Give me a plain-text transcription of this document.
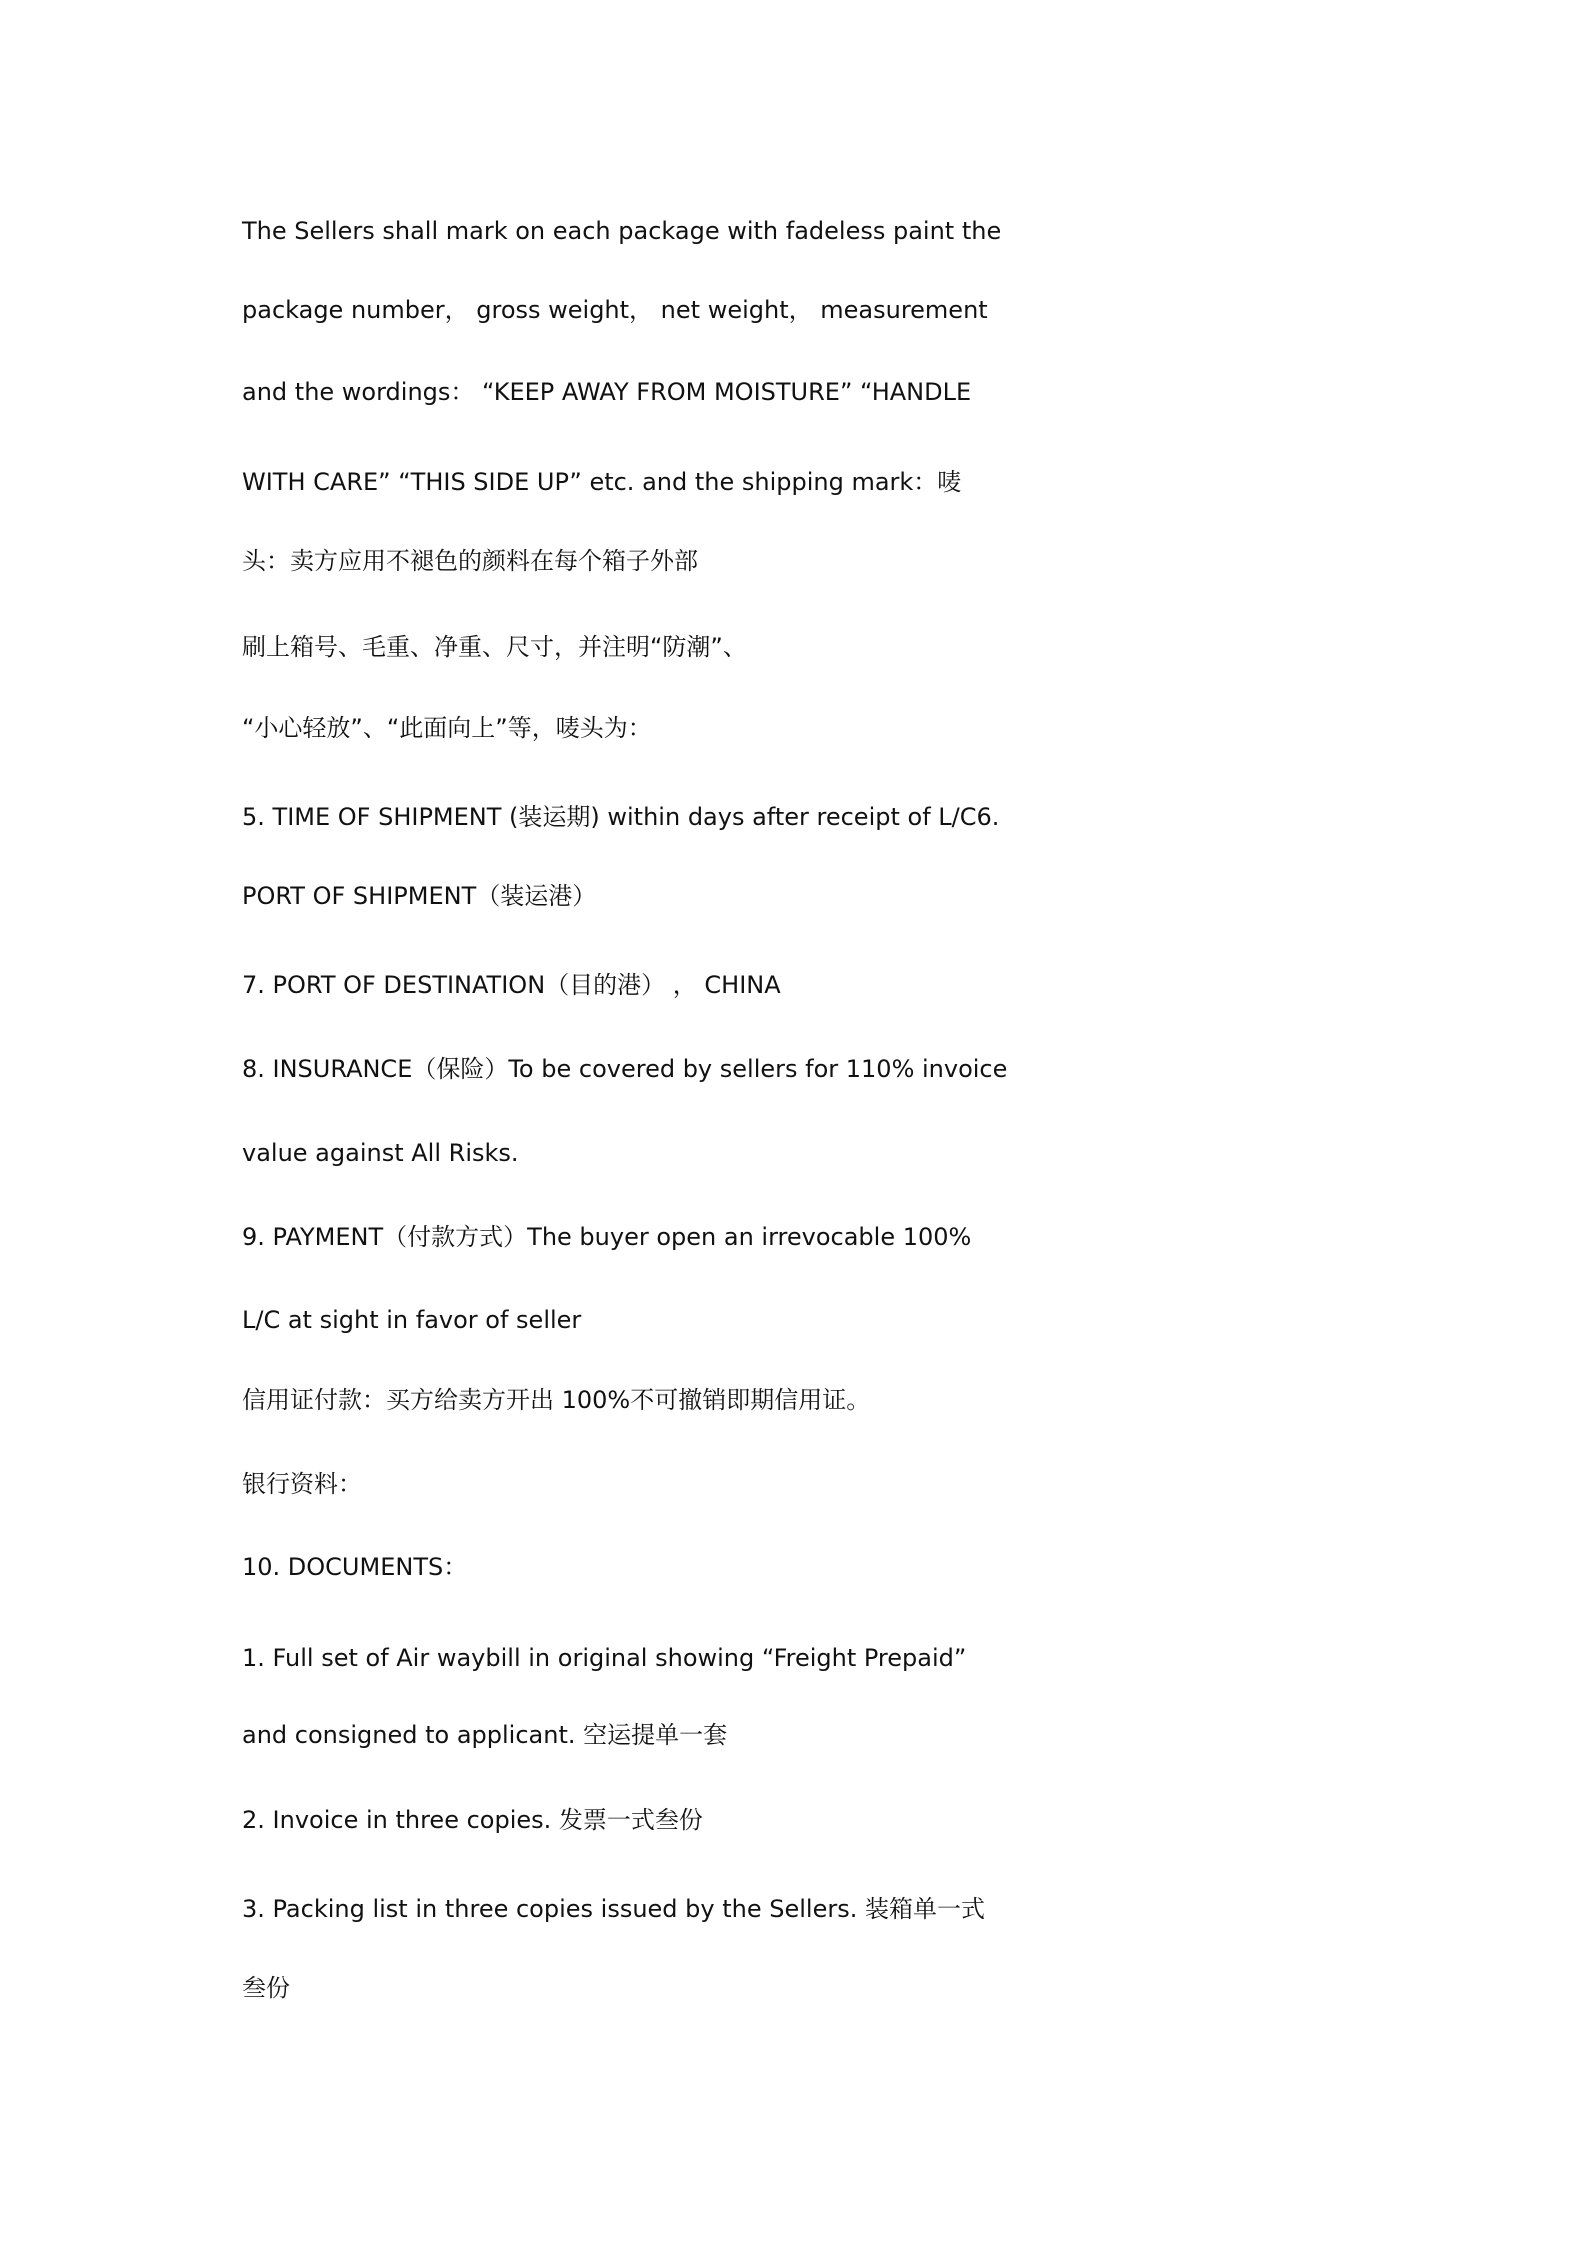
The Sellers shall mark on each package with fadeless paint the
package number， gross weight， net weight， measurement
and the wordings： “KEEP AWAY FROM MOISTURE” “HANDLE
WITH CARE” “THIS SIDE UP” etc. and the shipping mark：唛
头：卖方应用不褪色的颜料在每个箱子外部
刷上箱号、毛重、净重、尺寸，并注明“防潮”、
“小心轻放”、“此面向上”等，唛头为：
5. TIME OF SHIPMENT (装运期) within days after receipt of L/C6.
PORT OF SHIPMENT（装运港）
7. PORT OF DESTINATION（目的港） ， CHINA
8. INSURANCE（保险）To be covered by sellers for 110% invoice
value against All Risks.
9. PAYMENT（付款方式）The buyer open an irrevocable 100%
L/C at sight in favor of seller
信用证付款：买方给卖方开出 100%不可撤销即期信用证。
银行资料：
10. DOCUMENTS：
1. Full set of Air waybill in original showing “Freight Prepaid”
and consigned to applicant. 空运提单一套
2. Invoice in three copies. 发票一式叁份
3. Packing list in three copies issued by the Sellers. 装箱单一式
叁份
